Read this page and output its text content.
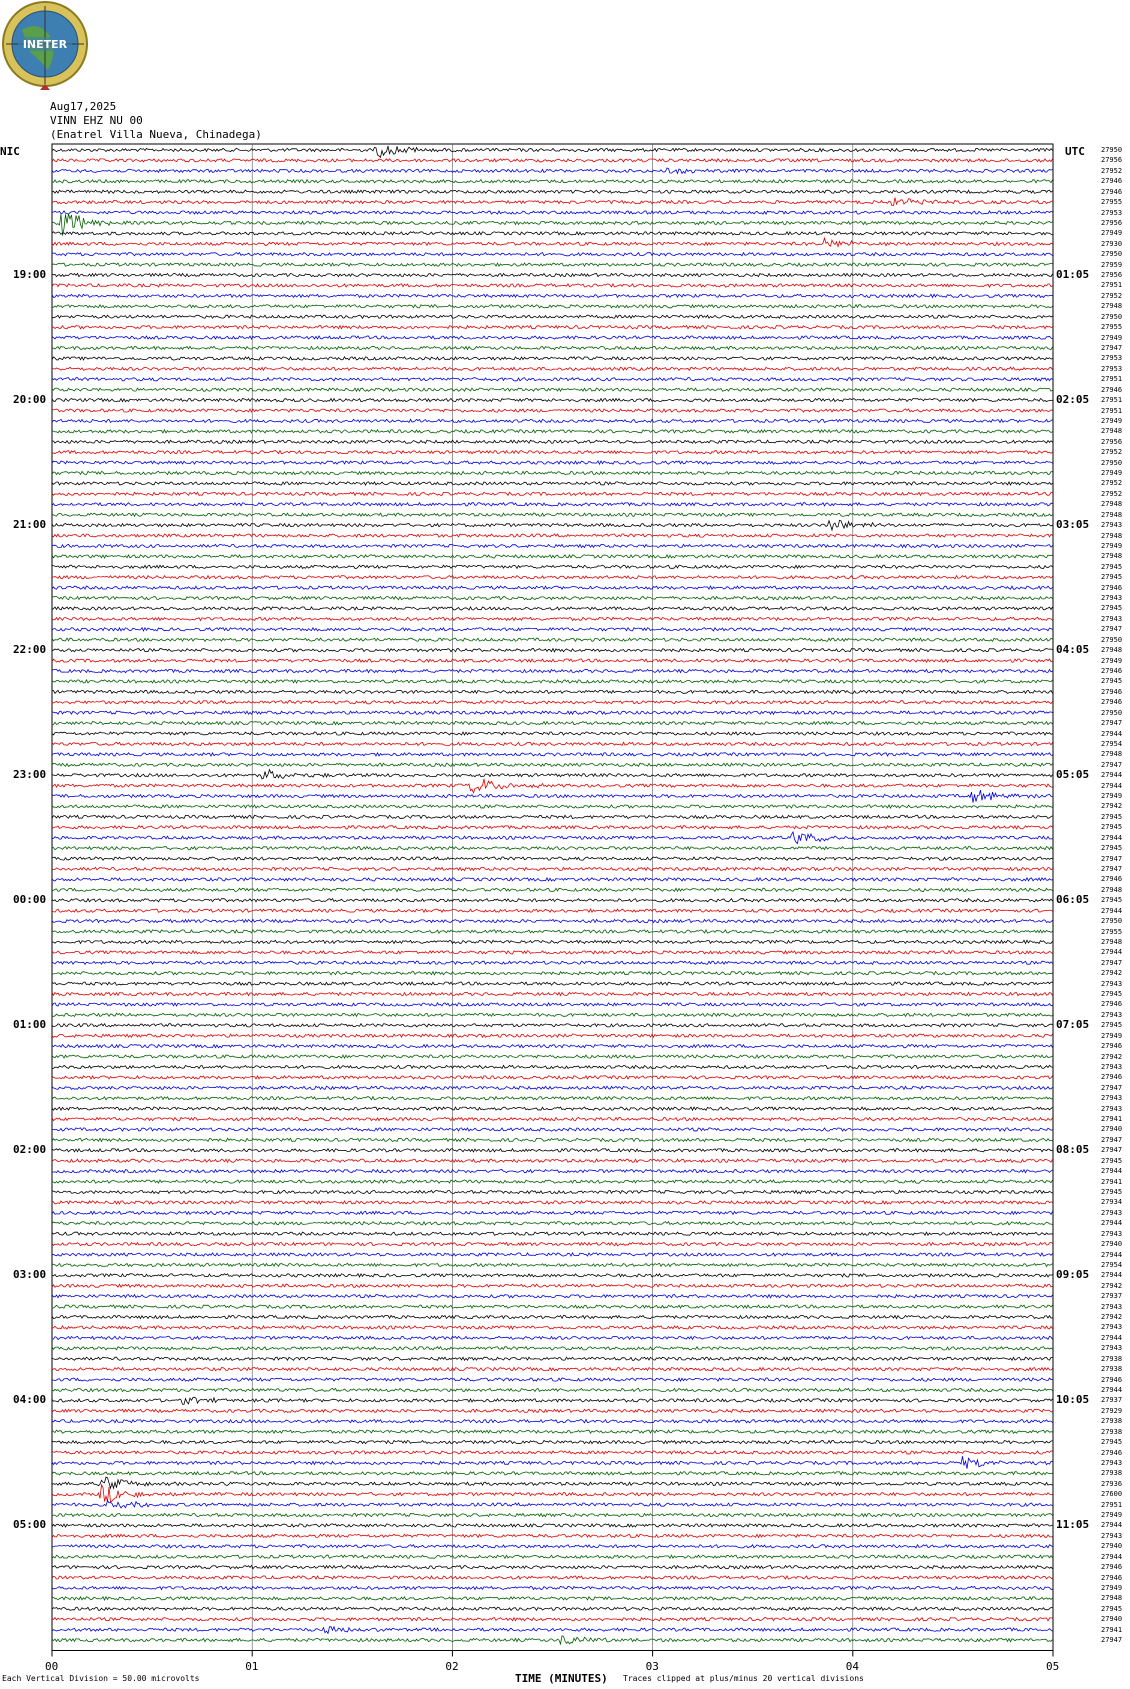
INETER
Aug17,2025
VINN EHZ NU 00
(Enatrel Villa Nueva, Chinadega)
NIC	UTC
19:00
20:00
21:00
22:00
23:00
00:00
01:00
02:00
03:00
04:00
05:00
01:05
02:05
03:05
04:05
05:05
06:05
07:05
08:05
09:05
10:05
11:05
27950
27956
27952
27946
27946
27955
27953
27956
27949
27930
27950
27959
27956
27951
27952
27948
27950
27955
27949
27947
27953
27953
27951
27946
27951
27951
27949
27948
27956
27952
27950
27949
27952
27952
27948
27948
27943
27948
27949
27948
27945
27945
27946
27943
27945
27943
27947
27950
27948
27949
27946
27945
27946
27946
27950
27947
27944
27954
27948
27947
27944
27944
27949
27942
27945
27945
27944
27945
27947
27947
27946
27948
27945
27944
27950
27955
27948
27944
27947
27942
27943
27945
27946
27943
27945
27949
27946
27942
27943
27946
27947
27943
27943
27941
27940
27947
27947
27945
27944
27941
27945
27934
27943
27944
27943
27940
27944
27954
27944
27942
27937
27943
27942
27943
27944
27943
27938
27938
27946
27944
27937
27929
27938
27938
27945
27946
27943
27938
27936
27600
27951
27949
27944
27943
27940
27944
27946
27946
27949
27948
27945
27940
27941
27947
00	01	02	03	04	05
TIME (MINUTES)
Each Vertical Division = 50.00 microvolts	Traces clipped at plus/minus 20 vertical divisions
